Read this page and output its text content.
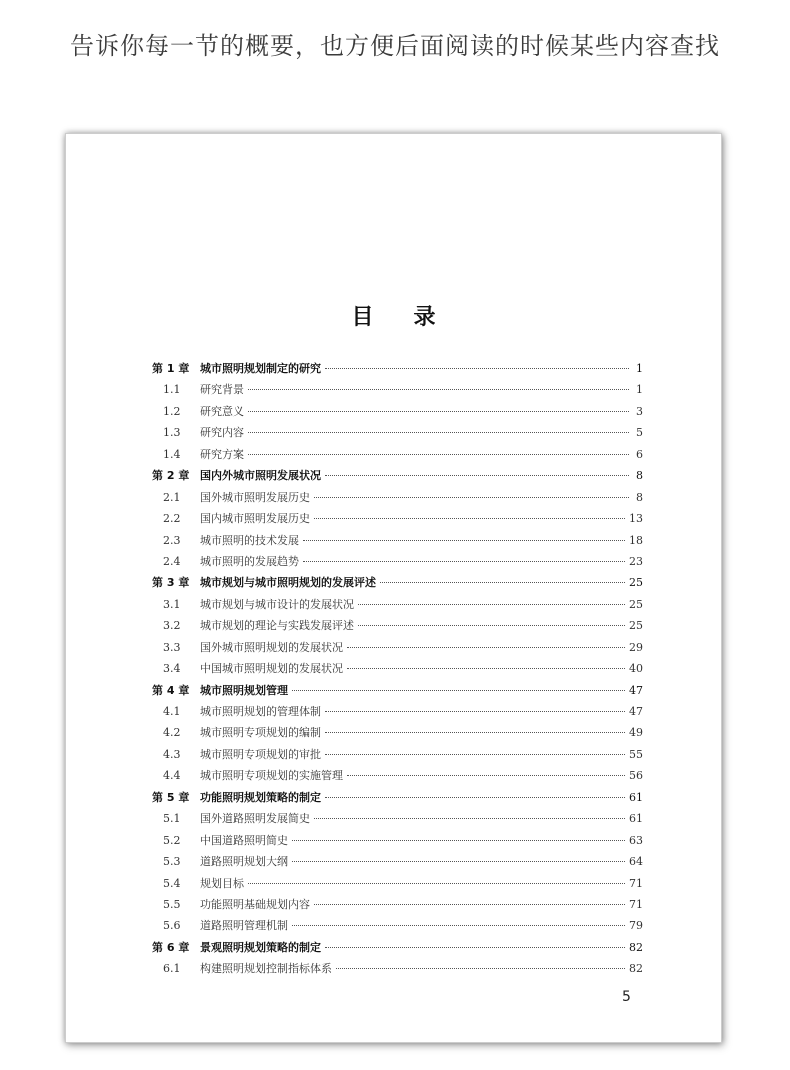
告诉你每一节的概要，也方便后面阅读的时候某些内容查找
目 录
第 1 章 城市照明规划制定的研究	1
1.1	研究背景	1
1.2	研究意义	3
1.3	研究内容	5
1.4	研究方案	6
第 2 章 国内外城市照明发展状况	8
2.1	国外城市照明发展历史	8
2.2	国内城市照明发展历史	13
2.3	城市照明的技术发展	18
2.4	城市照明的发展趋势	23
第 3 章 城市规划与城市照明规划的发展评述	25
3.1	城市规划与城市设计的发展状况	25
3.2	城市规划的理论与实践发展评述	25
3.3	国外城市照明规划的发展状况	29
3.4	中国城市照明规划的发展状况	40
第 4 章 城市照明规划管理	47
4.1	城市照明规划的管理体制	47
4.2	城市照明专项规划的编制	49
4.3	城市照明专项规划的审批	55
4.4	城市照明专项规划的实施管理	56
第 5 章 功能照明规划策略的制定	61
5.1	国外道路照明发展简史	61
5.2	中国道路照明简史	63
5.3	道路照明规划大纲	64
5.4	规划目标	71
5.5	功能照明基础规划内容	71
5.6	道路照明管理机制	79
第 6 章 景观照明规划策略的制定	82
6.1	构建照明规划控制指标体系	82
5
